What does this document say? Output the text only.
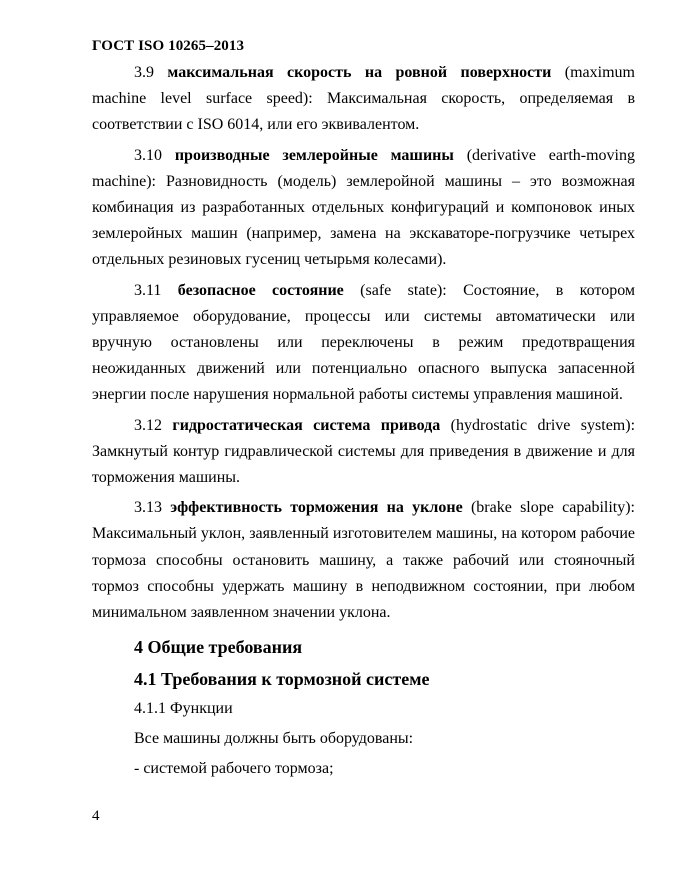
ГОСТ ISO 10265–2013

3.9 максимальная скорость на ровной поверхности (maximum machine level surface speed): Максимальная скорость, определяемая в соответствии с ISO 6014, или его эквивалентом.

3.10 производные землеройные машины (derivative earth-moving machine): Разновидность (модель) землеройной машины – это возможная комбинация из разработанных отдельных конфигураций и компоновок иных землеройных машин (например, замена на экскаваторе-погрузчике четырех отдельных резиновых гусениц четырьмя колесами).

3.11 безопасное состояние (safe state): Состояние, в котором управляемое оборудование, процессы или системы автоматически или вручную остановлены или переключены в режим предотвращения неожиданных движений или потенциально опасного выпуска запасенной энергии после нарушения нормальной работы системы управления машиной.

3.12 гидростатическая система привода (hydrostatic drive system): Замкнутый контур гидравлической системы для приведения в движение и для торможения машины.

3.13 эффективность торможения на уклоне (brake slope capability): Максимальный уклон, заявленный изготовителем машины, на котором рабочие тормоза способны остановить машину, а также рабочий или стояночный тормоз способны удержать машину в неподвижном состоянии, при любом минимальном заявленном значении уклона.

4 Общие требования
4.1 Требования к тормозной системе
4.1.1 Функции
Все машины должны быть оборудованы:
- системой рабочего тормоза;
4
